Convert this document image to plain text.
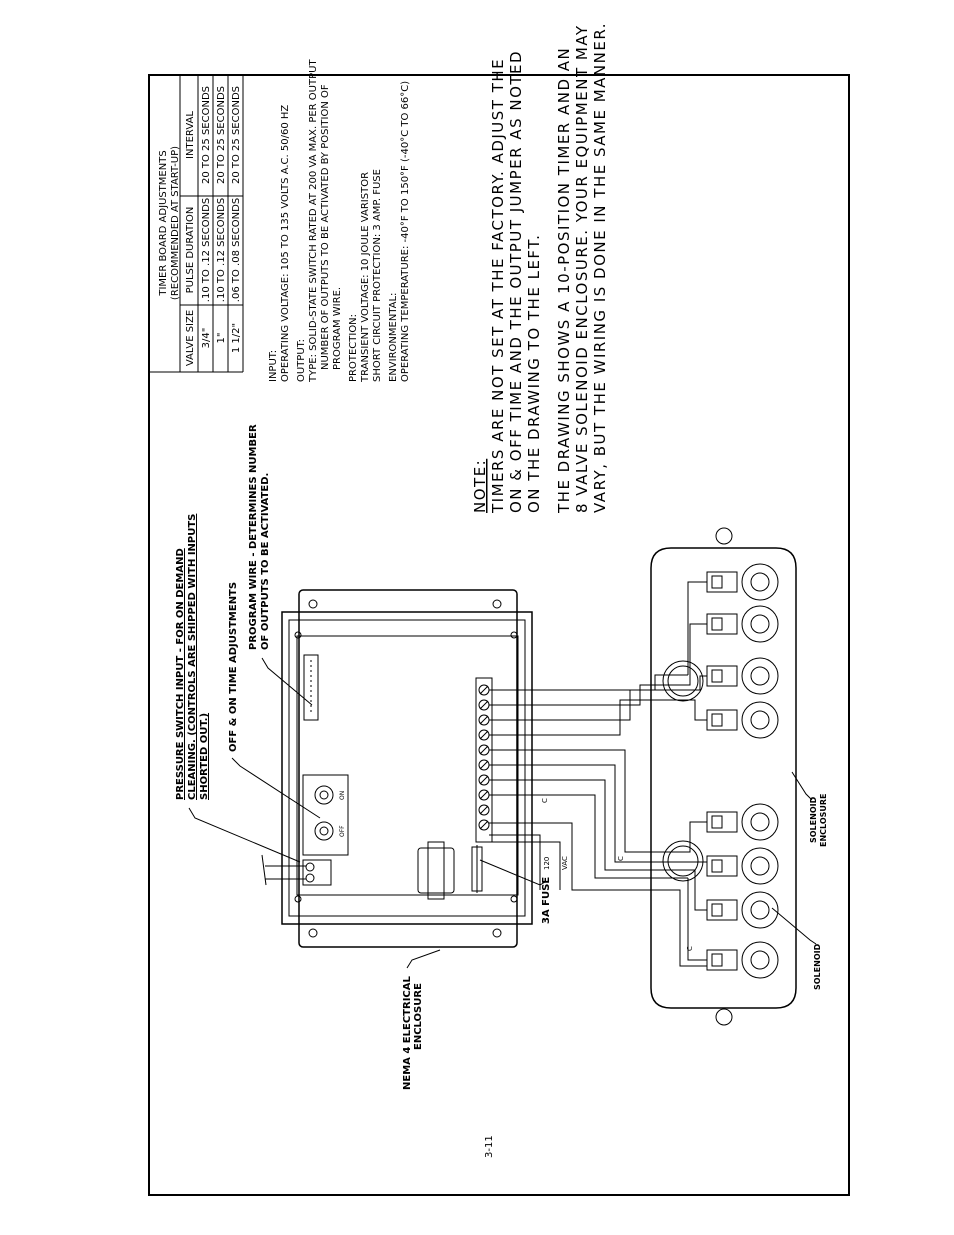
TIMER BOARD ADJUSTMENTS (RECOMMENDED AT START-UP)
VALVE SIZE
PULSE DURATION
INTERVAL
3/4"
.10 TO .12 SECONDS
20 TO 25 SECONDS
1"
.10 TO .12 SECONDS
20 TO 25 SECONDS
1 1/2"
.06 TO .08 SECONDS
20 TO 25 SECONDS
INPUT: OPERATING VOLTAGE: 105 TO 135 VOLTS A.C. 50/60 HZ OUTPUT: TYPE: SOLID-STATE SWITCH RATED AT 200 VA MAX. PER OUTPUT NUMBER OF OUTPUTS TO BE ACTIVATED BY POSITION OF PROGRAM WIRE. PROTECTION: TRANSIENT VOLTAGE: 10 JOULE VARISTOR SHORT CIRCUIT PROTECTION: 3 AMP. FUSE ENVIRONMENTAL: OPERATING TEMPERATURE: -40°F TO 150°F (-40°C TO 66°C)
NOTE: TIMERS ARE NOT SET AT THE FACTORY. ADJUST THE ON & OFF TIME AND THE OUTPUT JUMPER AS NOTED ON THE DRAWING TO THE LEFT. THE DRAWING SHOWS A 10-POSITION TIMER AND AN 8 VALVE SOLENOID ENCLOSURE. YOUR EQUIPMENT MAY VARY, BUT THE WIRING IS DONE IN THE SAME MANNER.
PRESSURE SWITCH INPUT - FOR ON DEMAND CLEANING. (CONTROLS ARE SHIPPED WITH INPUTS SHORTED OUT.)
OFF & ON TIME ADJUSTMENTS
PROGRAM WIRE - DETERMINES NUMBER OF OUTPUTS TO BE ACTIVATED.
3A FUSE
NEMA 4 ELECTRICAL ENCLOSURE
SOLENOID
SOLENOID ENCLOSURE
120 VAC
C
C
C
ON
OFF
3-11
